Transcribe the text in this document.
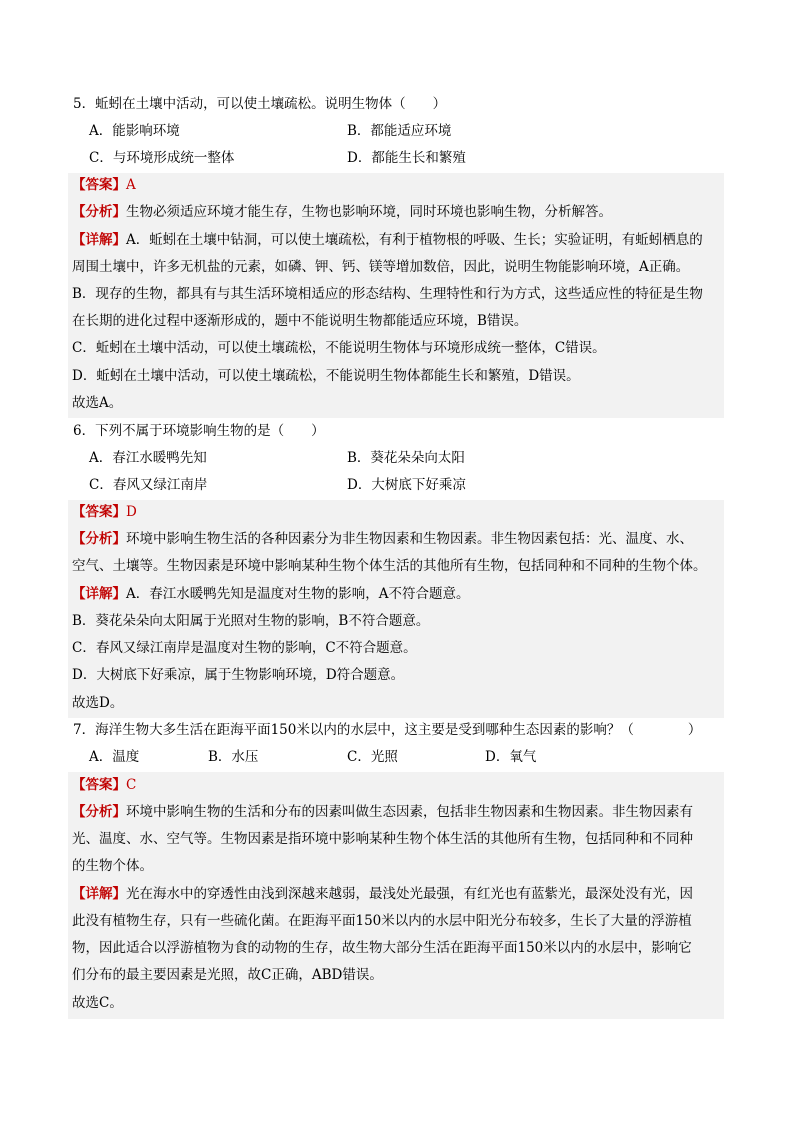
5．蚯蚓在土壤中活动，可以使土壤疏松。说明生物体（　　）
A．能影响环境	B．都能适应环境
C．与环境形成统一整体	D．都能生长和繁殖
【答案】A
【分析】生物必须适应环境才能生存，生物也影响环境，同时环境也影响生物，分析解答。
【详解】A．蚯蚓在土壤中钻洞，可以使土壤疏松，有利于植物根的呼吸、生长；实验证明，有蚯蚓栖息的
周围土壤中，许多无机盐的元素，如磷、钾、钙、镁等增加数倍，因此，说明生物能影响环境，A正确。
B．现存的生物，都具有与其生活环境相适应的形态结构、生理特性和行为方式，这些适应性的特征是生物
在长期的进化过程中逐渐形成的，题中不能说明生物都能适应环境，B错误。
C．蚯蚓在土壤中活动，可以使土壤疏松，不能说明生物体与环境形成统一整体，C错误。
D．蚯蚓在土壤中活动，可以使土壤疏松，不能说明生物体都能生长和繁殖，D错误。
故选A。
6．下列不属于环境影响生物的是（　　）
A．春江水暖鸭先知	B．葵花朵朵向太阳
C．春风又绿江南岸	D．大树底下好乘凉
【答案】D
【分析】环境中影响生物生活的各种因素分为非生物因素和生物因素。非生物因素包括：光、温度、水、
空气、土壤等。生物因素是环境中影响某种生物个体生活的其他所有生物，包括同种和不同种的生物个体。
【详解】A．春江水暖鸭先知是温度对生物的影响，A不符合题意。
B．葵花朵朵向太阳属于光照对生物的影响，B不符合题意。
C．春风又绿江南岸是温度对生物的影响，C不符合题意。
D．大树底下好乘凉，属于生物影响环境，D符合题意。
故选D。
7．海洋生物大多生活在距海平面150米以内的水层中，这主要是受到哪种生态因素的影响？（　　　　）
A．温度	B．水压	C．光照	D．氧气
【答案】C
【分析】环境中影响生物的生活和分布的因素叫做生态因素，包括非生物因素和生物因素。非生物因素有
光、温度、水、空气等。生物因素是指环境中影响某种生物个体生活的其他所有生物，包括同种和不同种
的生物个体。
【详解】光在海水中的穿透性由浅到深越来越弱，最浅处光最强，有红光也有蓝紫光，最深处没有光，因
此没有植物生存，只有一些硫化菌。在距海平面150米以内的水层中阳光分布较多，生长了大量的浮游植
物，因此适合以浮游植物为食的动物的生存，故生物大部分生活在距海平面150米以内的水层中，影响它
们分布的最主要因素是光照，故C正确，ABD错误。
故选C。
